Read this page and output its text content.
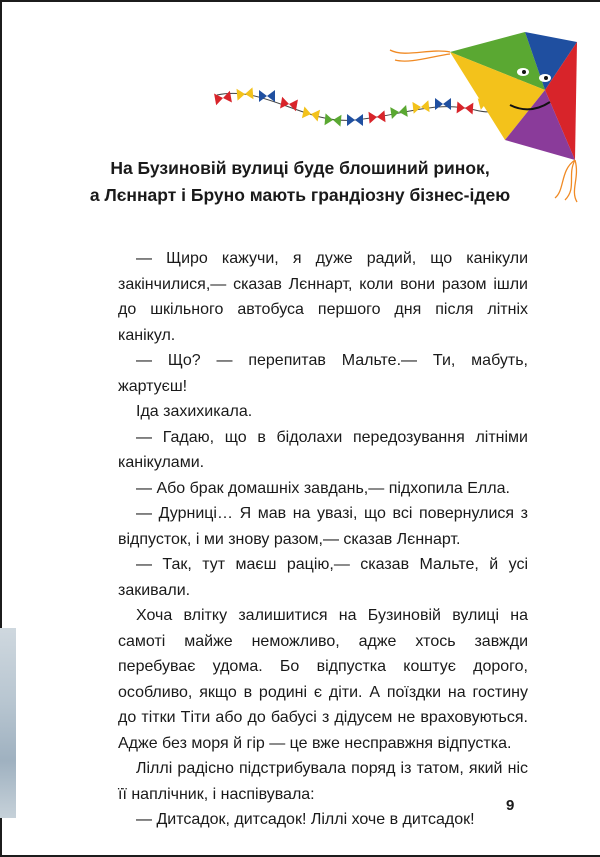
На Бузиновій вулиці буде блошиний ринок,
а Лєннарт і Бруно мають грандіозну бізнес-ідею

— Щиро кажучи, я дуже радий, що канікули закінчилися,— сказав Лєннарт, коли вони разом ішли до шкільного автобуса першого дня після літніх канікул.

— Що? — перепитав Мальте.— Ти, мабуть, жартуєш!

Іда захихикала.

— Гадаю, що в бідолахи передозування літніми канікулами.

— Або брак домашніх завдань,— підхопила Елла.

— Дурниці… Я мав на увазі, що всі повернулися з відпусток, і ми знову разом,— сказав Лєннарт.

— Так, тут маєш рацію,— сказав Мальте, й усі закивали.

Хоча влітку залишитися на Бузиновій вулиці на самоті майже неможливо, адже хтось завжди перебуває удома. Бо відпустка коштує дорого, особливо, якщо в родині є діти. А поїздки на гостину до тітки Тіти або до бабусі з дідусем не враховуються. Адже без моря й гір — це вже несправжня відпустка.

Ліллі радісно підстрибувала поряд із татом, який ніс її наплічник, і наспівувала:

— Дитсадок, дитсадок! Ліллі хоче в дитсадок!

9
